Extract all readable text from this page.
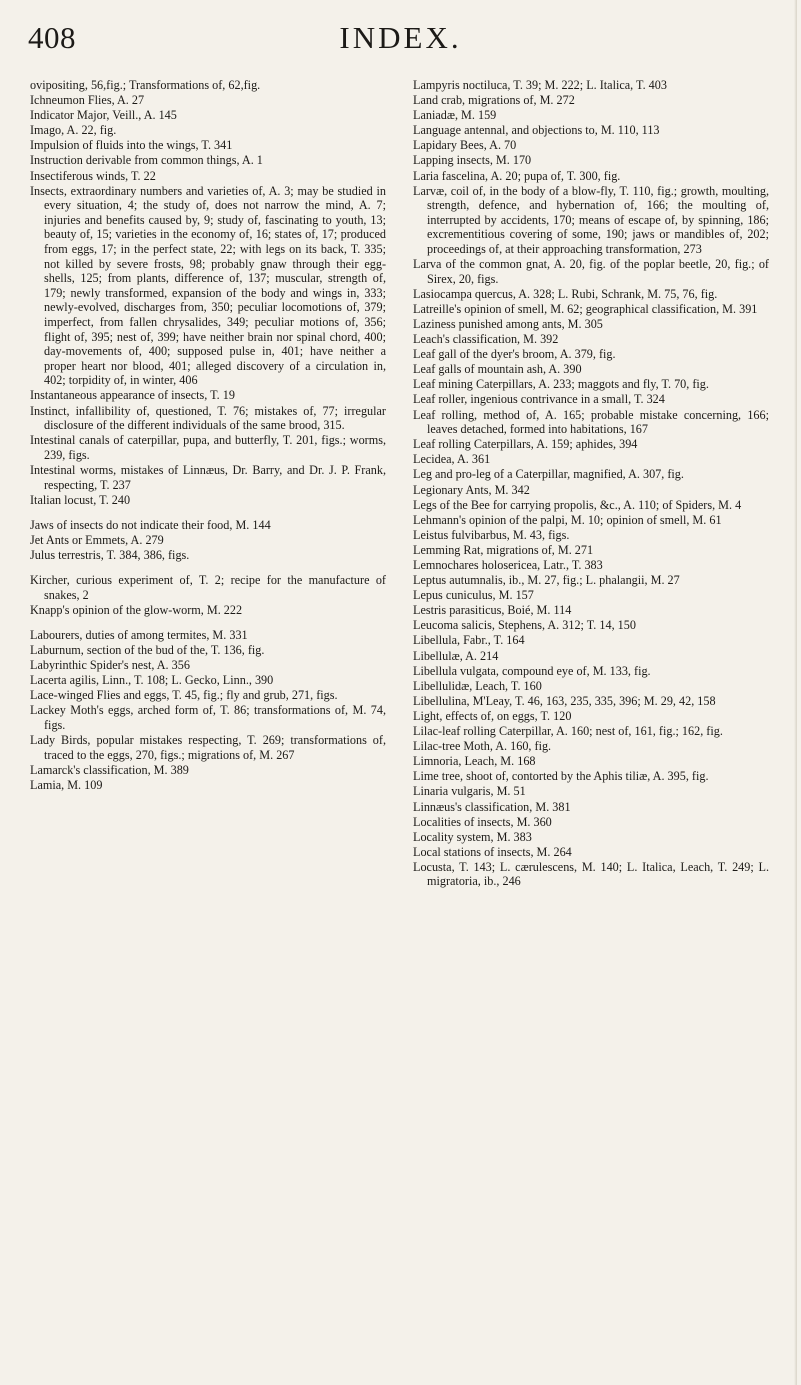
408	INDEX.
ovipositing, 56,fig.; Transformations of, 62,fig.
Ichneumon Flies, A. 27
Indicator Major, Veill., A. 145
Imago, A. 22, fig.
Impulsion of fluids into the wings, T. 341
Instruction derivable from common things, A. 1
Insectiferous winds, T. 22
Insects, extraordinary numbers and varieties of, A. 3; may be studied in every situation, 4; the study of, does not narrow the mind, A. 7; injuries and benefits caused by, 9; study of, fascinating to youth, 13; beauty of, 15; varieties in the economy of, 16; states of, 17; produced from eggs, 17; in the perfect state, 22; with legs on its back, T. 335; not killed by severe frosts, 98; probably gnaw through their egg-shells, 125; from plants, difference of, 137; muscular, strength of, 179; newly transformed, expansion of the body and wings in, 333; newly-evolved, discharges from, 350; peculiar locomotions of, 379; imperfect, from fallen chrysalides, 349; peculiar motions of, 356; flight of, 395; nest of, 399; have neither brain nor spinal chord, 400; day-movements of, 400; supposed pulse in, 401; have neither a proper heart nor blood, 401; alleged discovery of a circulation in, 402; torpidity of, in winter, 406
Instantaneous appearance of insects, T. 19
Instinct, infallibility of, questioned, T. 76; mistakes of, 77; irregular disclosure of the different individuals of the same brood, 315.
Intestinal canals of caterpillar, pupa, and butterfly, T. 201, figs.; worms, 239, figs.
Intestinal worms, mistakes of Linnæus, Dr. Barry, and Dr. J. P. Frank, respecting, T. 237
Italian locust, T. 240
Jaws of insects do not indicate their food, M. 144
Jet Ants or Emmets, A. 279
Julus terrestris, T. 384, 386, figs.
Kircher, curious experiment of, T. 2; recipe for the manufacture of snakes, 2
Knapp's opinion of the glow-worm, M. 222
Labourers, duties of among termites, M. 331
Laburnum, section of the bud of the, T. 136, fig.
Labyrinthic Spider's nest, A. 356
Lacerta agilis, Linn., T. 108; L. Gecko, Linn., 390
Lace-winged Flies and eggs, T. 45, fig.; fly and grub, 271, figs.
Lackey Moth's eggs, arched form of, T. 86; transformations of, M. 74, figs.
Lady Birds, popular mistakes respecting, T. 269; transformations of, traced to the eggs, 270, figs.; migrations of, M. 267
Lamarck's classification, M. 389
Lamia, M. 109
Lampyris noctiluca, T. 39; M. 222; L. Italica, T. 403
Land crab, migrations of, M. 272
Laniadæ, M. 159
Language antennal, and objections to, M. 110, 113
Lapidary Bees, A. 70
Lapping insects, M. 170
Laria fascelina, A. 20; pupa of, T. 300, fig.
Larvæ, coil of, in the body of a blow-fly, T. 110, fig.; growth, moulting, strength, defence, and hybernation of, 166; the moulting of, interrupted by accidents, 170; means of escape of, by spinning, 186; excrementitious covering of some, 190; jaws or mandibles of, 202; proceedings of, at their approaching transformation, 273
Larva of the common gnat, A. 20, fig. of the poplar beetle, 20, fig.; of Sirex, 20, figs.
Lasiocampa quercus, A. 328; L. Rubi, Schrank, M. 75, 76, fig.
Latreille's opinion of smell, M. 62; geographical classification, M. 391
Laziness punished among ants, M. 305
Leach's classification, M. 392
Leaf gall of the dyer's broom, A. 379, fig.
Leaf galls of mountain ash, A. 390
Leaf mining Caterpillars, A. 233; maggots and fly, T. 70, fig.
Leaf roller, ingenious contrivance in a small, T. 324
Leaf rolling, method of, A. 165; probable mistake concerning, 166; leaves detached, formed into habitations, 167
Leaf rolling Caterpillars, A. 159; aphides, 394
Lecidea, A. 361
Leg and pro-leg of a Caterpillar, magnified, A. 307, fig.
Legionary Ants, M. 342
Legs of the Bee for carrying propolis, &c., A. 110; of Spiders, M. 4
Lehmann's opinion of the palpi, M. 10; opinion of smell, M. 61
Leistus fulvibarbus, M. 43, figs.
Lemming Rat, migrations of, M. 271
Lemnochares holosericea, Latr., T. 383
Leptus autumnalis, ib., M. 27, fig.; L. phalangii, M. 27
Lepus cuniculus, M. 157
Lestris parasiticus, Boié, M. 114
Leucoma salicis, Stephens, A. 312; T. 14, 150
Libellula, Fabr., T. 164
Libellulæ, A. 214
Libellula vulgata, compound eye of, M. 133, fig.
Libellulidæ, Leach, T. 160
Libellulina, M'Leay, T. 46, 163, 235, 335, 396; M. 29, 42, 158
Light, effects of, on eggs, T. 120
Lilac-leaf rolling Caterpillar, A. 160; nest of, 161, fig.; 162, fig.
Lilac-tree Moth, A. 160, fig.
Limnoria, Leach, M. 168
Lime tree, shoot of, contorted by the Aphis tiliæ, A. 395, fig.
Linaria vulgaris, M. 51
Linnæus's classification, M. 381
Localities of insects, M. 360
Locality system, M. 383
Local stations of insects, M. 264
Locusta, T. 143; L. cærulescens, M. 140; L. Italica, Leach, T. 249; L. migratoria, ib., 246
